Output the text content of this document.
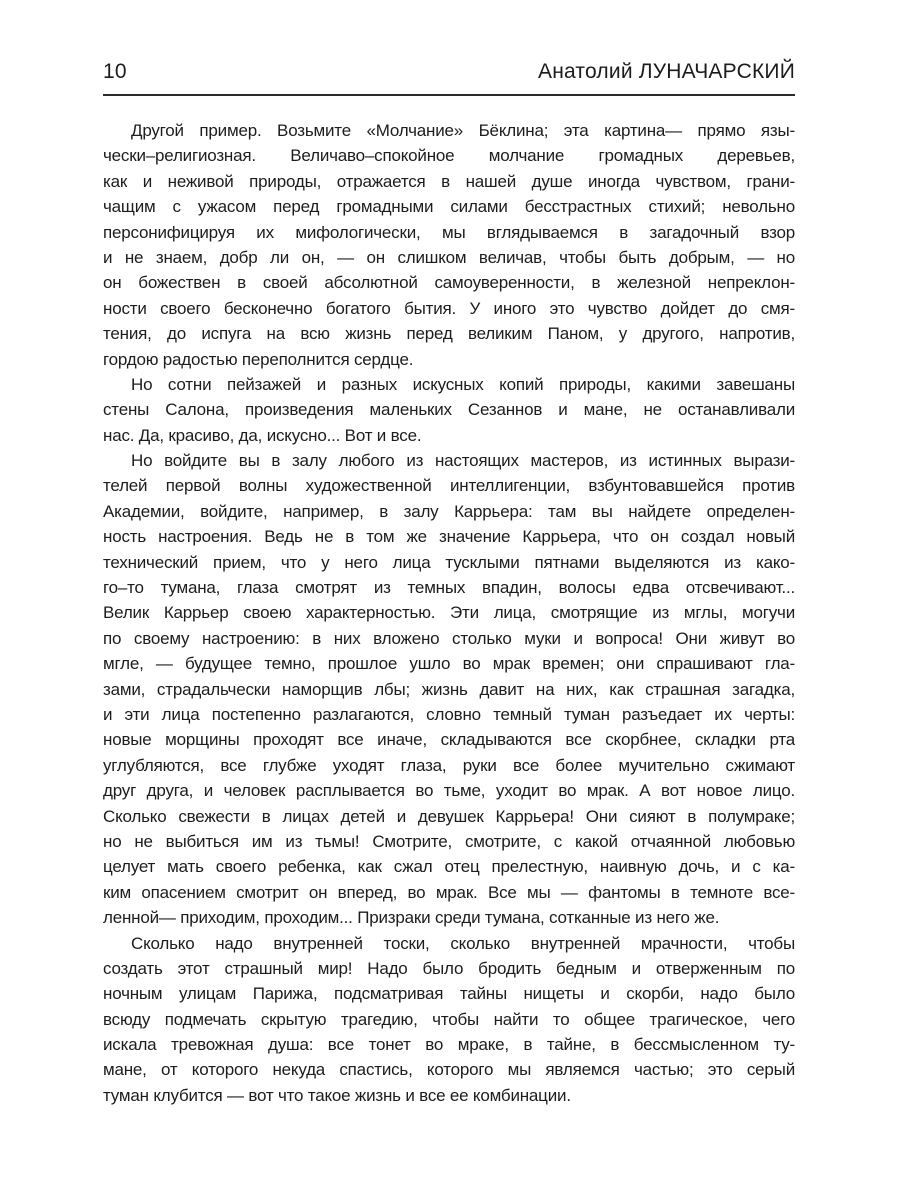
10	Анатолий ЛУНАЧАРСКИЙ
Другой пример. Возьмите «Молчание» Бёклина; эта картина— прямо язы-
чески–религиозная. Величаво–спокойное молчание громадных деревьев,
как и неживой природы, отражается в нашей душе иногда чувством, грани-
чащим с ужасом перед громадными силами бесстрастных стихий; невольно
персонифицируя их мифологически, мы вглядываемся в загадочный взор
и не знаем, добр ли он, — он слишком величав, чтобы быть добрым, — но
он божествен в своей абсолютной самоуверенности, в железной непреклон-
ности своего бесконечно богатого бытия. У иного это чувство дойдет до смя-
тения, до испуга на всю жизнь перед великим Паном, у другого, напротив,
гордою радостью переполнится сердце.
Но сотни пейзажей и разных искусных копий природы, какими завешаны
стены Салона, произведения маленьких Сезаннов и мане, не останавливали
нас. Да, красиво, да, искусно... Вот и все.
Но войдите вы в залу любого из настоящих мастеров, из истинных вырази-
телей первой волны художественной интеллигенции, взбунтовавшейся против
Академии, войдите, например, в залу Каррьера: там вы найдете определен-
ность настроения. Ведь не в том же значение Каррьера, что он создал новый
технический прием, что у него лица тусклыми пятнами выделяются из како-
го–то тумана, глаза смотрят из темных впадин, волосы едва отсвечивают...
Велик Каррьер своею характерностью. Эти лица, смотрящие из мглы, могучи
по своему настроению: в них вложено столько муки и вопроса! Они живут во
мгле, — будущее темно, прошлое ушло во мрак времен; они спрашивают гла-
зами, страдальчески наморщив лбы; жизнь давит на них, как страшная загадка,
и эти лица постепенно разлагаются, словно темный туман разъедает их черты:
новые морщины проходят все иначе, складываются все скорбнее, складки рта
углубляются, все глубже уходят глаза, руки все более мучительно сжимают
друг друга, и человек расплывается во тьме, уходит во мрак. А вот новое лицо.
Сколько свежести в лицах детей и девушек Каррьера! Они сияют в полумраке;
но не выбиться им из тьмы! Смотрите, смотрите, с какой отчаянной любовью
целует мать своего ребенка, как сжал отец прелестную, наивную дочь, и с ка-
ким опасением смотрит он вперед, во мрак. Все мы — фантомы в темноте все-
ленной— приходим, проходим... Призраки среди тумана, сотканные из него же.
Сколько надо внутренней тоски, сколько внутренней мрачности, чтобы
создать этот страшный мир! Надо было бродить бедным и отверженным по
ночным улицам Парижа, подсматривая тайны нищеты и скорби, надо было
всюду подмечать скрытую трагедию, чтобы найти то общее трагическое, чего
искала тревожная душа: все тонет во мраке, в тайне, в бессмысленном ту-
мане, от которого некуда спастись, которого мы являемся частью; это серый
туман клубится — вот что такое жизнь и все ее комбинации.
